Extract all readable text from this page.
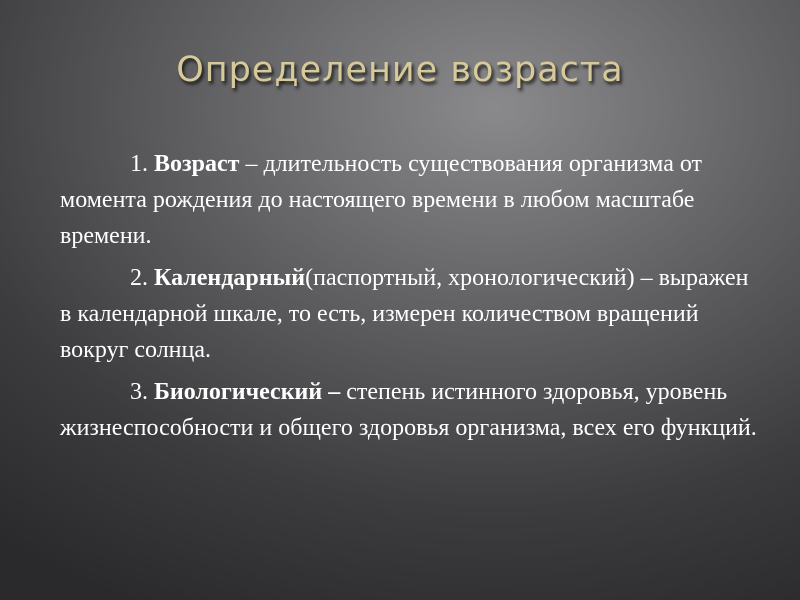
Определение возраста

1. Возраст – длительность существования организма от момента рождения до настоящего времени в любом масштабе времени.

2. Календарный(паспортный, хронологический) – выражен в календарной шкале, то есть, измерен количеством вращений вокруг солнца.

3. Биологический – степень истинного здоровья, уровень жизнеспособности и общего здоровья организма, всех его функций.
